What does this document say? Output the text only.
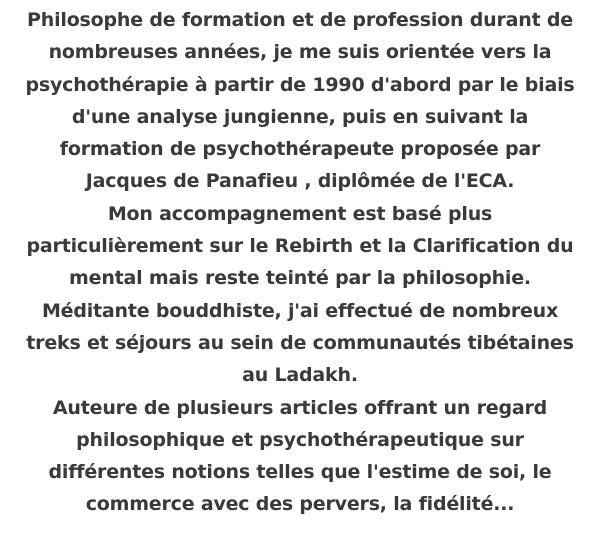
Philosophe de formation et de profession durant de
nombreuses années, je me suis orientée vers la
psychothérapie à partir de 1990 d'abord par le biais
d'une analyse jungienne, puis en suivant la
formation de psychothérapeute proposée par
Jacques de Panafieu , diplômée de l'ECA.
Mon accompagnement est basé plus
particulièrement sur le Rebirth et la Clarification du
mental mais reste teinté par la philosophie.
Méditante bouddhiste, j'ai effectué de nombreux
treks et séjours au sein de communautés tibétaines
au Ladakh.
Auteure de plusieurs articles offrant un regard
philosophique et psychothérapeutique sur
différentes notions telles que l'estime de soi, le
commerce avec des pervers, la fidélité...
